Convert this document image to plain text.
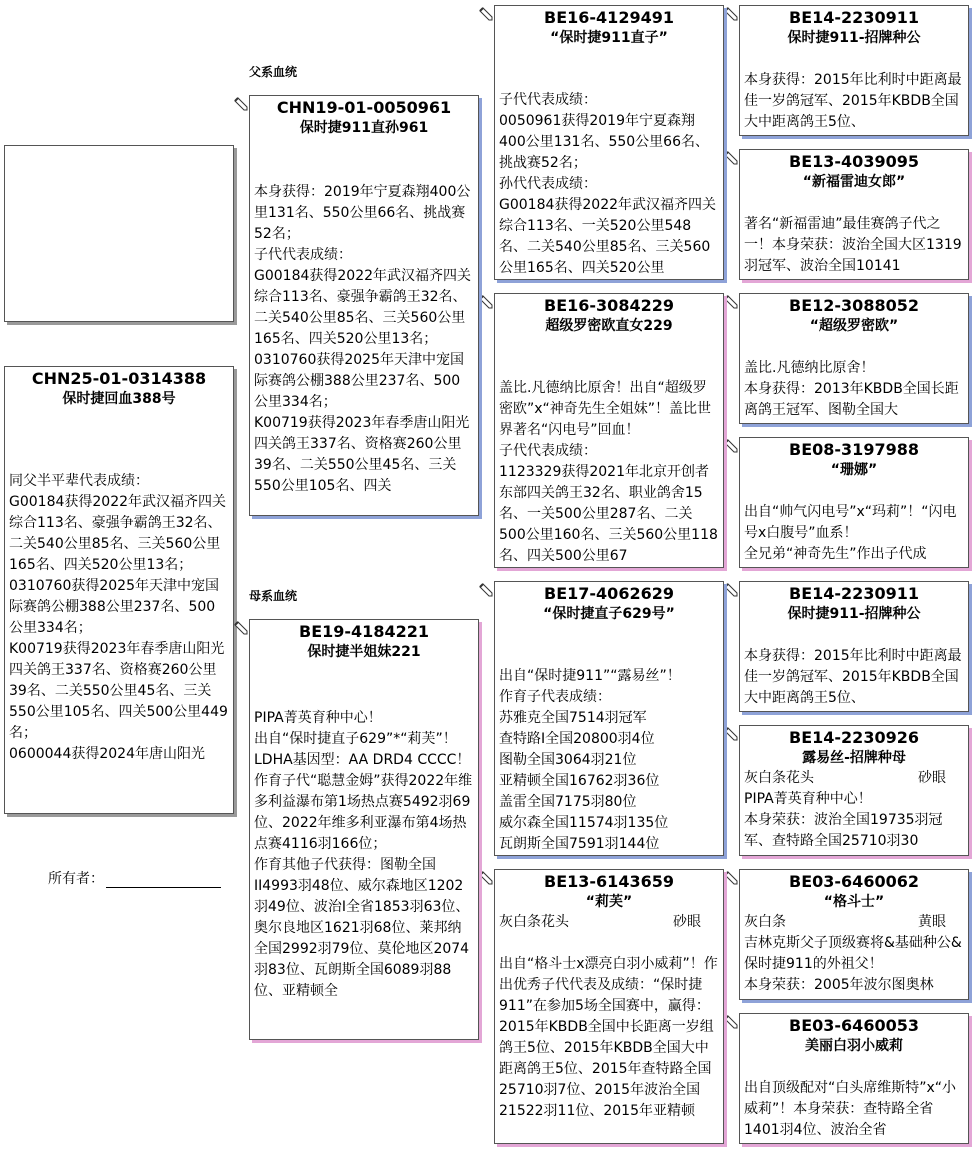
CHN25-01-0314388
保时捷回血388号
同父半平辈代表成绩：
G00184获得2022年武汉福齐四关综合113名、豪强争霸鸽王32名、二关540公里85名、三关560公里165名、四关520公里13名；
0310760获得2025年天津中宠国际赛鸽公棚388公里237名、500公里334名；
K00719获得2023年春季唐山阳光四关鸽王337名、资格赛260公里39名、二关550公里45名、三关550公里105名、四关500公里449名；
0600044获得2024年唐山阳光
所有者：
父系血统
母系血统
CHN19-01-0050961
保时捷911直孙961
本身获得：2019年宁夏森翔400公里131名、550公里66名、挑战赛52名；
子代代表成绩：
G00184获得2022年武汉福齐四关综合113名、豪强争霸鸽王32名、二关540公里85名、三关560公里165名、四关520公里13名；
0310760获得2025年天津中宠国际赛鸽公棚388公里237名、500公里334名；
K00719获得2023年春季唐山阳光四关鸽王337名、资格赛260公里39名、二关550公里45名、三关550公里105名、四关
BE19-4184221
保时捷半姐妹221
PIPA菁英育种中心！
出自“保时捷直子629”*“莉芙”！
LDHA基因型：AA DRD4 CCCC！
作育子代“聪慧金姆”获得2022年维多利益瀑布第1场热点赛5492羽69位、2022年维多利亚瀑布第4场热点赛4116羽166位；
作育其他子代获得：图勒全国II4993羽48位、威尔森地区1202羽49位、波治I全省1853羽63位、奥尔良地区1621羽68位、莱邦纳全国2992羽79位、莫伦地区2074羽83位、瓦朗斯全国6089羽88位、亚精顿全
BE16-4129491
“保时捷911直子”
子代代表成绩：
0050961获得2019年宁夏森翔400公里131名、550公里66名、挑战赛52名；
孙代代表成绩：
G00184获得2022年武汉福齐四关综合113名、一关520公里548名、二关540公里85名、三关560公里165名、四关520公里
BE16-3084229
超级罗密欧直女229
盖比.凡德纳比原舍！出自“超级罗密欧”x“神奇先生全姐妹”！盖比世界著名“闪电号”回血！
子代代表成绩：
1123329获得2021年北京开创者东部四关鸽王32名、职业鸽舍15名、一关500公里287名、二关500公里160名、三关560公里118名、四关500公里67
BE17-4062629
“保时捷直子629号”
出自“保时捷911”“露易丝”！
作育子代表成绩：
苏雅克全国7514羽冠军
查特路I全国20800羽4位
图勒全国3064羽21位
亚精顿全国16762羽36位
盖雷全国7175羽80位
威尔森全国11574羽135位
瓦朗斯全国7591羽144位
BE13-6143659
“莉芙”
灰白条花头	砂眼
出自“格斗士x漂亮白羽小威莉”！作出优秀子代代表及成绩：“保时捷911”在参加5场全国赛中，赢得：2015年KBDB全国中长距离一岁组鸽王5位、2015年KBDB全国大中距离鸽王5位、2015年查特路全国25710羽7位、2015年波治全国21522羽11位、2015年亚精顿
BE14-2230911
保时捷911-招牌种公
本身获得：2015年比利时中距离最佳一岁鸽冠军、2015年KBDB全国大中距离鸽王5位、
BE13-4039095
“新福雷迪女郎”
著名“新福雷迪”最佳赛鸽子代之一！本身荣获：波治全国大区1319羽冠军、波治全国10141
BE12-3088052
“超级罗密欧”
盖比.凡德纳比原舍！
本身获得：2013年KBDB全国长距离鸽王冠军、图勒全国大
BE08-3197988
“珊娜”
出自“帅气闪电号”x“玛莉”！“闪电号x白腹号”血系！
全兄弟“神奇先生”作出子代成
BE14-2230911
保时捷911-招牌种公
本身获得：2015年比利时中距离最佳一岁鸽冠军、2015年KBDB全国大中距离鸽王5位、
BE14-2230926
露易丝-招牌种母
灰白条花头	砂眼
PIPA菁英育种中心！
本身荣获：波治全国19735羽冠军、查特路全国25710羽30
BE03-6460062
“格斗士”
灰白条	黄眼
吉林克斯父子顶级赛将&基础种公&保时捷911的外祖父！
本身荣获：2005年波尔图奥林
BE03-6460053
美丽白羽小威莉
出自顶级配对“白头席维斯特”x“小威莉”！本身荣获：查特路全省1401羽4位、波治全省
